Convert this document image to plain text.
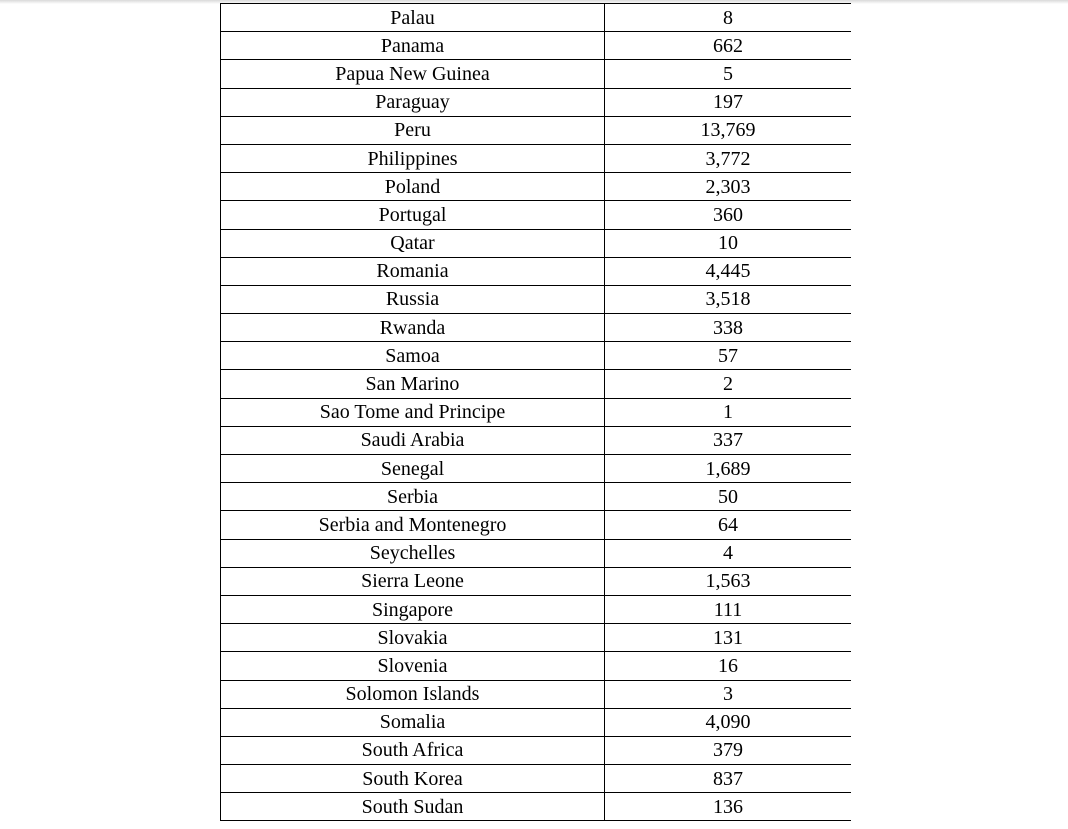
Palau	8
Panama	662
Papua New Guinea	5
Paraguay	197
Peru	13,769
Philippines	3,772
Poland	2,303
Portugal	360
Qatar	10
Romania	4,445
Russia	3,518
Rwanda	338
Samoa	57
San Marino	2
Sao Tome and Principe	1
Saudi Arabia	337
Senegal	1,689
Serbia	50
Serbia and Montenegro	64
Seychelles	4
Sierra Leone	1,563
Singapore	111
Slovakia	131
Slovenia	16
Solomon Islands	3
Somalia	4,090
South Africa	379
South Korea	837
South Sudan	136
